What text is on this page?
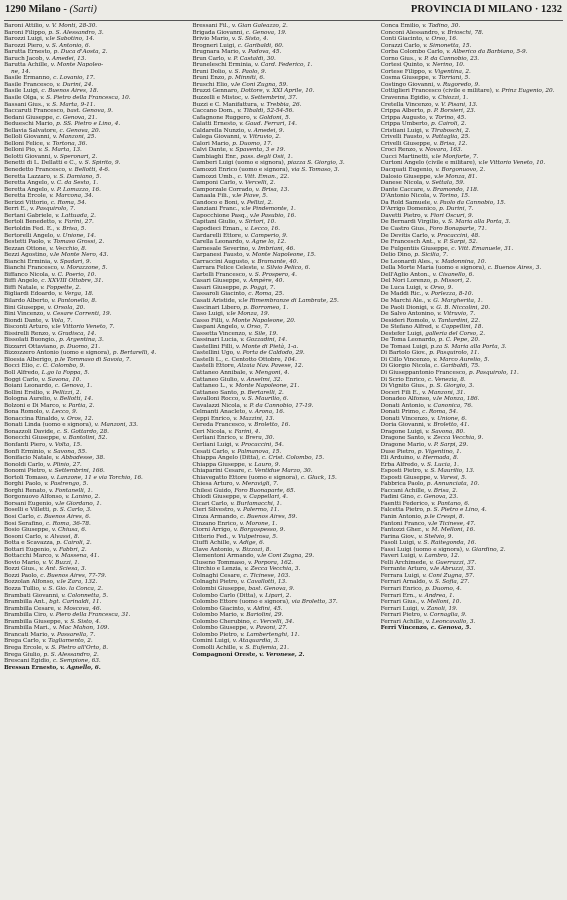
1290 Milano - (Sarti)	PROVINCIA DI MILANO · 1232
Baroni Attilio, v. V. Monti, 28-30.
Baroni Filippo, p. S. Alessandro, 3.
Barozzi Luigi, v.le Sabotino, 14.
Barozzi Piero, v. S. Antonio, 6.
Barutta Ernesto, p. Duca d'Aosta, 2.
Baruch Jacob, v. Amedei, 13.
Barutta Achille, v. Monte Napoleo-
ne, 14.
Basile Ermanno, c. Lovanio, 17.
Basile Francesco, v. Durini, 24.
Basile Luigi, c. Buenos Aires, 18.
Basile Olga, v. S. Pietro della Francesca, 10.
Bassani Gius., v. S. Marta, 9-11.
Baccaruti Francesco, bast. Genova, 9.
Bedani Giuseppe, c. Genova, 21.
Bedueschi Mario, p. SS. Pietro e Lino, 4.
Bellavia Salvatore, c. Genova, 20.
Belloli Giovanni, v. Manzoni, 25.
Belloni Felice, v. Tortona, 36.
Belloni Pio, v. S. Marta, 13.
Belotti Giovanni, v. Speronari, 2.
Benetti di L. Dellatti e C., v. S. Spirito, 9.
Benedetto Francesco, v. Bellotti, 4-6.
Beretta Lazzaro, v. S. Damiano, 5.
Beretta Angelo, v. C. da Sesto, 1.
Beretta Angelo, v. P. Lomazzo, 16.
Beretta Ercole, v. Marcona, 34.
Berizzi Vittorio, c. Roma, 54.
Berri E., v. Pasquirolo, 7.
Bertani Gabriele, v. Lattuada, 2.
Bertoli Benedetto, v. Farini, 27.
Bertoldin Fed. E., v. Brisa, 5.
Bertorelli Angelo, v. Unione, 14.
Bestetti Paolo, v. Tomaso Grossi, 2.
Bezzan Ottone, v. Vecchio, 8.
Bezzi Agostino, v.le Monte Nero, 43.
Bianchi Erminia, v. Spadari, 9.
Bianchi Francesco, v. Morazzone, 5.
Biffanco Nicola, v. C. Poerio, 10.
Biffi Angelo, c. XXVIII Ottobre, 31.
Biffi Natale, v. Foppette, 2.
Bigliardi Edoardo, v. Verga, 18.
Bilardo Alberto, v. Pantonello, 8.
Bini Giuseppe, v. Orsola, 20.
Bini Vincenzo, v. Cesare Correnti, 19.
Biondi Dante, v. Vola, 7.
Bisconti Arturo, v.le Vittorio Veneto, 7.
Bissirelli Renzo, v. Gradisca, 14.
Bissolati Buongio., p. Argentina, 3.
Bizzarri Ottaviano, p. Duomo, 21.
Bizzozzero Antonio (uomo e signora), p. Bertarelli, 4.
Bloesia Alberigo, p.le Tommaso di Savoia, 7.
Bocci Elio, c. C. Colombo, 9.
Boll Alfredo, L.go la Foppa, 5.
Boggi Carlo, v. Savona, 10.
Boiani Leonardo, c. Genova, 1.
Bollini Ersilio, v. Pellizzi, 2.
Bologna Aurelio, v. Bellotti, 14.
Bolzoni e Di Marco, v. Partia, 2.
Bona Romolo, v. Lecco, 9.
Bonaccina Rinaldo, v. Oros, 12.
Bonati Linda (uomo e signora), v. Manzoni, 33.
Bonazzoli Davide, c. S. Gottardo, 28.
Bonecchi Giuseppe, v. Bantolini, 52.
Bonfanti Piero, v. Volta, 15.
Bonfi Erminio, v. Savona, 55.
Bonifacio Natale, v. Abbadesse, 38.
Bonoldi Carlo, v. Plinio, 27.
Bonomi Pietro, v. Settembrini, 166.
Bortoli Tomaso, v. Lanzone, 11 e via Torchio, 16.
Borghi Paolo, v. Pastrengo, 5.
Borghi Renato, v. Fontanelli, 1.
Borgonuovo Alfonso, v. Lanino, 2.
Borsani Eugenio, v.le Giordano, 1.
Boselli e Villetti, p. S. Carlo, 3.
Bosi Carlo, c. Buenos Aires, 6.
Bosi Serafino, c. Roma, 36-78.
Bosio Giuseppe, v. Chiusa, 6.
Bosoni Carlo, v. Alvassi, 8.
Botta e Scavazza, p. Cairoli, 2.
Bottari Eugenio, v. Fabbri, 2.
Bottacchi Marco, v. Massena, 41.
Bovio Mario, v. V. Buzzi, 1.
Bozzi Gius., v. Ant. Sciesa, 3.
Bozzi Paolo, c. Buenos Aires, 77-79.
Bozzolan Alfonso, v.le Zara, 132.
Bozza Tullio, v. S. Gio. la Conca, 2.
Brambati Giovanni, v. Colonnetta, 5.
Brambilla Ant., bgt. Carinaldi, 11.
Brambilla Cesare, v. Moscova, 46.
Brambilla Ciro, v. Piero della Francesca, 31.
Brambilla Giuseppe, v. S. Sisto, 4.
Brambilla Mari., v. Mac Mahon, 109.
Brancati Mario, v. Passarella, 7.
Brega Carlo, v. Tagliamento, 2.
Brega Ercole, v. S. Pietro all'Orto, 8.
Brega Giulio, p. S. Alessandro, 2.
Brescani Egidio, c. Sempione, 63.
Bressan Ernesto, v. Agnello, 6.
Bressani Fil., v. Gian Galeazzo, 2.
Brigada Giovanni, c. Genova, 19.
Brivio Mario, v. S. Sisto, 4.
Brogneri Luigi, c. Garibaldi, 60.
Brugnara Mario, v. Padova, 45.
Brun Carlo, v. P. Castaldi, 30.
Bruneleschi Erminia, v. Card. Federico, 1.
Bruni Dolio, v. S. Paolo, 9.
Bruni Enzo, p. Minniti, 6.
Bruschi Elio, v.le Coni Zugna, 59.
Bruzzi Gennaro, Dottore, v. XXI Aprile, 10.
Buzzelli e Mistoc, v. Settembrini, 37.
Buzzi e C. Manifattura, v. Trebbia, 26.
Caccano Dom., v. Tibaldi, 52-54-56.
Cafagnone Ruggero, v. Goldoni, 5.
Calatti Ernesto, v. Gaud. Ferrari, 14.
Caldarella Nunzio, v. Amedei, 9.
Calega Giovanni, v. Vitruvio, 2.
Calori Mario, p. Duomo, 17.
Calvi Dante, v. Spaventa, 3 e 19.
Cambiaghi Enr., pass. degli Osii, 1.
Camberi Luigi (uomo e signora), piazza S. Giorgio, 3.
Camozzi Enrico (uomo e signora), via S. Tomaso, 3.
Camozzi Umb., c. Vitt. Eman., 22.
Camponi Carlo, v. Vercelli, 2.
Camporzale Corrado, v. Brisa, 13.
Canaala Fili., v.le Piave, 5.
Candoco e Boni, v. Pellizi, 2.
Canziani Franc., v.le Pindemonte, 1.
Capocchione Pasq., v.le Pasubio, 16.
Capitani Giulio, v. Sirtori, 10.
Capodieci Eman., v. Lecco, 16.
Cardarelli Ettore, v. Camperio, 9.
Carella Leonardo, v. Agne lo, 12.
Carnesale Severino, v. Imbriani, 46.
Carpanesi Fausto, v. Monte Napoleone, 15.
Carraccini Augusto, v. Bramante, 40.
Carrara Felice Celeste, v. Silvio Pelico, 6.
Cartelli Francesco, v. S. Prospero, 4.
Casari Giuseppe, v. Ampère, 40.
Casari Giuseppe, p. Poggi, 7.
Cassaroli Giacinto, c. Roma, 25.
Casati Aristide, v.le Rimembranze di Lambrate, 25.
Cascinari Libero, p. Borromeo, 1.
Caso Luigi, v.le Monza, 19.
Casso Filli, v. Monte Napoleone, 20.
Caspani Angelo, v. Orso, 7.
Cassetta Vincenzo, v. Sile, 19.
Cassinari Lucia, v. Gozzadini, 14.
Castellini Filli, v. Monte di Pietà, 1-a.
Castellini Ugo, v. Porta de Caldodo, 29.
Castelli L., c. Centotto Ottobre, 104.
Castelli Ettore, Alzaia Nav. Pavese, 12.
Cattaneo Annibale, v. Mengoni, 4.
Cattaneo Giulio, v. Anselmi, 32.
Cattaneo L., v. Monte Napoleone, 21.
Cattaneo Santo, p. Bertarelli, 2.
Cavalloni Rocco, v. S. Maurilio, 6.
Cavalazzi Nicola, v. P. da Cannobio, 17-19.
Celmanti Anacleto, v. Arona, 16.
Ceppi Enrico, v. Mazzini, 13.
Cereda Francesco, v. Broletto, 16.
Ceri Nicola, v. Farini, 4.
Cerliani Enrico, v. Brera, 30.
Cerliani Luigi, v. Procaccini, 54.
Cesati Carlo, v. Palmanova, 15.
Chiappa Angelo (Ditta), c. Crist. Colombo, 15.
Chiappa Giuseppe, v. Lauro, 9.
Chiaparini Cesare, c. Ventidue Marzo, 30.
Chiavegatto Ettore (uomo e signora), c. Gluck, 15.
Chiesa Arturo, v. Meravigli, 7.
Chilesi Guido, Foro Buonaparte, 65.
Chiodi Giuseppe, v. Cappellari, 4.
Cicari Carlo, v. Burlamacchi, 1.
Cieri Silvestro, v. Palermo, 11.
Cinza Armando, c. Buenos Aires, 59.
Cinzano Enrico, v. Morone, 1.
Ciorni Arrigo, v. Borgospesso, 9.
Citterio Fed., v. Vulpetrosa, 5.
Ciuffi Achille, v. Adige, 6.
Clave Antonio, v. Bizzozi, 8.
Clementoni Armando, v.le Coni Zugna, 29.
Cluseno Tommaso, v. Porpora, 162.
Clirchio e Lenzia, v. Zecca Vecchia, 3.
Colnaghi Cesare, c. Ticinese, 103.
Colnaghi Pietro, v. Cavallotti, 13.
Colombi Giuseppe, bast. Genova, 9.
Colombo Carlo (Ditta), v. Lipari, 2.
Colombo Ettore (uomo e signora), via Broletto, 37.
Colombo Giacinto, v. Aldini, 45.
Colombo Mario, v. Bariolini, 29.
Colombo Cherubino, c. Vercelli, 34.
Colombo Giuseppe, v. Pavoni, 27.
Colombo Pietro, v. Lambertenghi, 11.
Comini Luigi, v. Ataquardia, 3.
Comolli Achille, v. S. Eufemia, 21.
Compagnoni Oreste, v. Veronese, 2.
Conca Emilio, v. Tadino, 30.
Conconi Alessandro, v. Brioschi, 78.
Conti Giacinto, v. Orso, 16.
Corazzi Carlo, v. Simonetta, 15.
Corba Colombo Carlo, v. Alberico da Barbiano, 5-9.
Corno Gius., v. P. da Cannobio, 23.
Cortesi Quinto, v. Nerino, 10.
Cortese Filippo, v. Vigentina, 2.
Cosma Giuseppe, v. Torriani, 5.
Costingo Giovanni, v. Rugoredo, 9.
Cottiglieri Francesco (civile e militare), v. Prinz Eugenio, 20.
Cravenna Egidio, v. Chiozzi, 1.
Cretella Vincenzo, v. V. Pisani, 13.
Crippa Alberto, p. P. Borsieri, 23.
Crippa Augusto, v. Torino, 45.
Crippa Umberto, p. Cairoli, 2.
Cristiani Luigi, v. Tiraboschi, 2.
Crivelli Fausto, v. Pattaglia, 25.
Crivelli Giuseppe, v. Brisa, 12.
Croci Renzo, v. Novara, 163.
Cucci Martinetti, v.le Monforte, 7.
Curtoni Angelo (civile e militare), v.le Vittorio Veneto, 10.
Dacquati Eugenio, v. Borgonuovo, 2.
Dalosio Giuseppe, v.le Monza, 81.
Danese Nicola, v. Settala, 59.
Dante Caccare, v. Bramondo, 118.
D'Antonio Nicola, v. Torino, 15.
Da Rold Samuele, v. Paolo da Cannobio, 15.
D'Arrigo Domenico, p. Durini, 7.
Davetti Pietro, v. Fiori Oscuri, 9.
De Bernardi Virgilio, v. S. Maria alla Porta, 3.
De Castro Gius., Foro Bonaparte, 71.
De Devitis Carlo, v. Procaccini, 48.
De Francesch Ant., v. P. Sarpi, 52.
De Fulgentiis Giuseppe, c. Vitt. Emanuele, 31.
Delio Dino, p. Sicilia, 7.
De Leonardi Ales., v. Madonnina, 10.
Della Morte Maria (uomo e signora), c. Buenos Aires, 3.
Dell'Aglio Anton., v. Cisanello, 6.
Del Nori Lorenzo, p. Missori, 2.
De Luca Luigi, v. Orso, 9.
De Maddi Ric., v. Porlezza, 8-10.
De Marchi Ale., v. G. Margherita, 1.
De Paoli Dionigi, v. G. B. Niccolini, 20.
De Salvo Antonino, v. Vitruvio, 7.
Desideri Romolo, v. Tantardini, 22.
De Stefano Alfred, v. Cappellini, 18.
Destefer Luigi, galleria del Corso, 2.
De Toma Leonardo, p. C. Pepe, 20.
De Tomasi Luigi, p.za S. Maria alla Porta, 3.
Di Bartolo Giov., p. Pasquirolo, 11.
Di Cillo Vincenzo, v. Marco Aurelio, 5.
Di Giorgio Nicola, c. Garibaldi, 75.
Di Giuseppantonio Francesco, p. Pasquirolo, 11.
Di Scrio Enrico, c. Venezia, 8.
Di Vignito Gius., p. S. Giorgio, 3.
Doceri Fili E., v. Manzoni, 31.
Donadeo Alfonso, v.le Monza, 186.
Donati Antonio, v. Canonica, 76.
Donati Primo, c. Roma, 54.
Donati Vincenzo, v. Unione, 6.
Doria Giovanni, v. Broletto, 41.
Dragone Luigi, v. Savona, 80.
Dragone Santo, v. Zecca Vecchia, 9.
Dragone Mario, v. P. Sarpi, 29.
Duse Pietro, p. Vigentino, 1.
Eli Arduino, v. Hermada, 8.
Erba Alfredo, v. S. Lucia, 1.
Esposti Pietro, v. S. Maurilio, 13.
Esposti Giuseppe, v. Varesi, 5.
Fabbrica Paolo, p. Annunciata, 10.
Faccani Achille, v. Brisa, 2.
Fadini Gino, c. Genova, 23.
Faentti Federico, v. Pantano, 6.
Falcetta Pietro, p. S. Pietro e Lino, 4.
Fanin Antonio, p.le Crespi, 8.
Fantoni Franco, v.le Ticinese, 47.
Fantozzi Gher., v. M. Melloni, 16.
Farina Giov., v. Stelvio, 9.
Fasoli Luigi, v. S. Raitegonda, 16.
Fassi Luigi (uomo e signora), v. Giardino, 2.
Faveri Luigi, v. Lambro, 12.
Felli Archimede, v. Guerrazzi, 37.
Ferrante Arturo, v.le Abruzzi, 33.
Ferrara Luigi, v. Coni Zugna, 57.
Ferrari Arnaldo, v. S. Sofia, 27.
Ferrari Enrico, p. Duomo, 4.
Ferrari Ern., v. Andrea, 1.
Ferrari Gius., v. Melloni, 10.
Ferrari Luigi, v. Zanoli, 19.
Ferrari Pietro, v. Cornaglia, 9.
Ferrari Achille, v. Leoncavallo, 3.
Ferri Vincenzo, c. Genova, 5.
